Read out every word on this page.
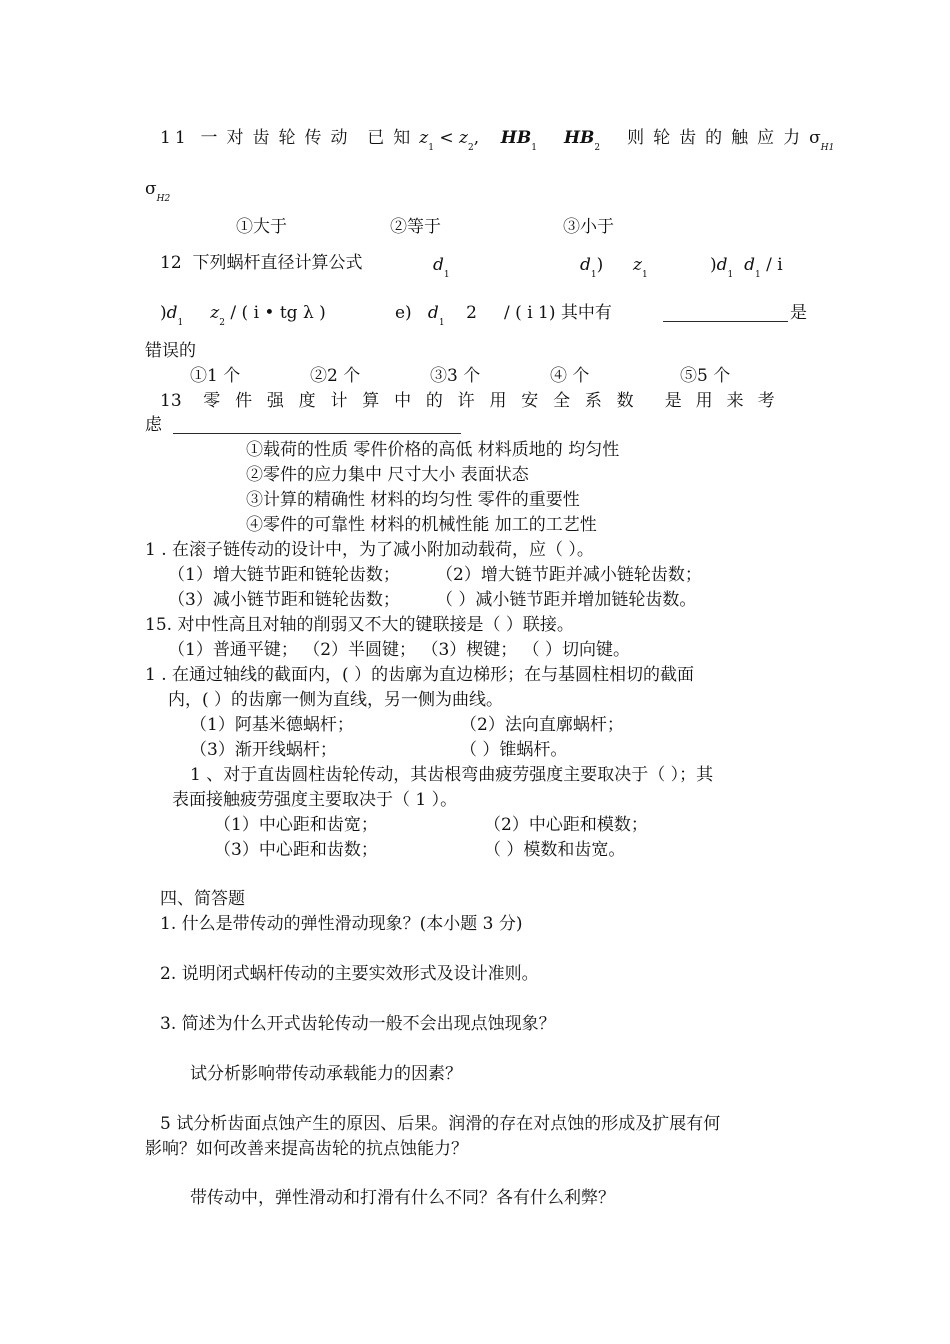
11 一对齿轮传动 已知$z_1 < z_2$, $HB_1$ $HB_2$ 则轮齿的触应力$\sigma_{H1}$
$\sigma_{H2}$
①大于	②等于	③小于
12 下列蜗杆直径计算公式	$d_1$	$d_1$) $z_1$	)$d_1$ $d_1$ / i
)$d_1$ $z_2$ / ( i • tg λ )	e) $d_1$ 2 / ( i 1) 其中有	是
错误的
①1 个	②2 个	③3 个	④ 个	⑤5 个
13 零件强度计算中的许用安全系数 是用来考
虑
①载荷的性质 零件价格的高低 材料质地的 均匀性
②零件的应力集中 尺寸大小 表面状态
③计算的精确性 材料的均匀性 零件的重要性
④零件的可靠性 材料的机械性能 加工的工艺性
1 . 在滚子链传动的设计中，为了减小附加动载荷，应（ ）。
（1）增大链节距和链轮齿数； （2）增大链节距并减小链轮齿数；
（3）减小链节距和链轮齿数； （ ）减小链节距并增加链轮齿数。
15. 对中性高且对轴的削弱又不大的键联接是（ ）联接。
（1）普通平键； （2）半圆键； （3）楔键； （ ）切向键。
1 . 在通过轴线的截面内，( ）的齿廓为直边梯形；在与基圆柱相切的截面
内，( ）的齿廓一侧为直线，另一侧为曲线。
（1）阿基米德蜗杆；	（2）法向直廓蜗杆；
（3）渐开线蜗杆；	（ ）锥蜗杆。
1 、对于直齿圆柱齿轮传动，其齿根弯曲疲劳强度主要取决于（ ）；其
表面接触疲劳强度主要取决于（ 1 ）。
（1）中心距和齿宽；	（2）中心距和模数；
（3）中心距和齿数；	（ ）模数和齿宽。
四、简答题
1. 什么是带传动的弹性滑动现象？(本小题 3 分)
2. 说明闭式蜗杆传动的主要实效形式及设计准则。
3. 简述为什么开式齿轮传动一般不会出现点蚀现象？
试分析影响带传动承载能力的因素？
5 试分析齿面点蚀产生的原因、后果。润滑的存在对点蚀的形成及扩展有何
影响？如何改善来提高齿轮的抗点蚀能力？
带传动中，弹性滑动和打滑有什么不同？各有什么利弊？
